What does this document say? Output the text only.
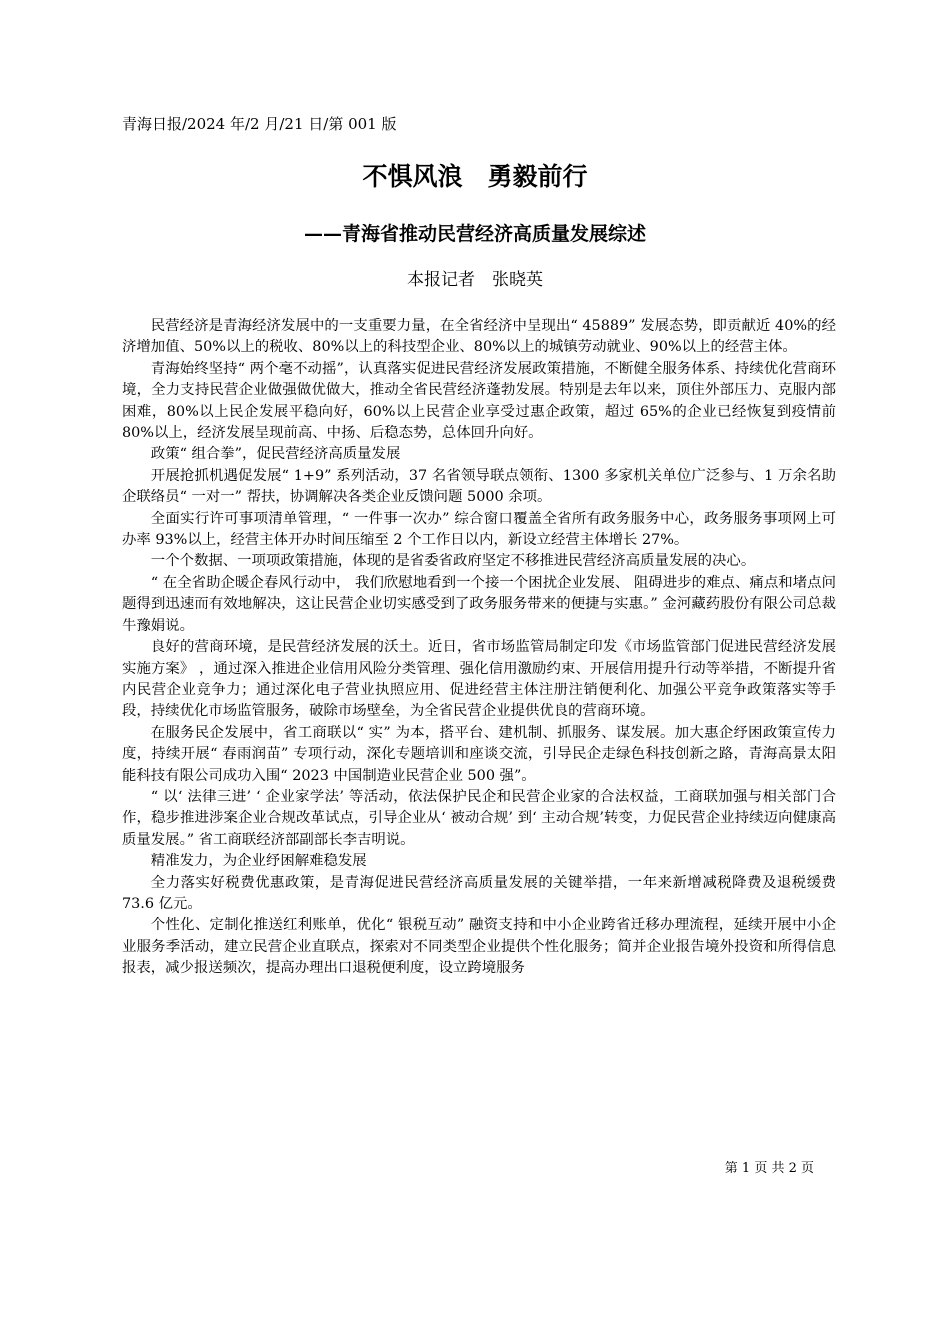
青海日报/2024 年/2 月/21 日/第 001 版
不惧风浪　勇毅前行
——青海省推动民营经济高质量发展综述
本报记者　张晓英

民营经济是青海经济发展中的一支重要力量，在全省经济中呈现出“ 45889” 发展态势，即贡献近 40%的经济增加值、50%以上的税收、80%以上的科技型企业、80%以上的城镇劳动就业、90%以上的经营主体。

青海始终坚持“ 两个毫不动摇”，认真落实促进民营经济发展政策措施，不断健全服务体系、持续优化营商环境，全力支持民营企业做强做优做大，推动全省民营经济蓬勃发展。特别是去年以来，顶住外部压力、克服内部困难，80%以上民企发展平稳向好，60%以上民营企业享受过惠企政策，超过 65%的企业已经恢复到疫情前 80%以上，经济发展呈现前高、中扬、后稳态势，总体回升向好。

政策“ 组合拳”，促民营经济高质量发展

开展抢抓机遇促发展“ 1+9” 系列活动，37 名省领导联点领衔、1300 多家机关单位广泛参与、1 万余名助企联络员“ 一对一” 帮扶，协调解决各类企业反馈问题 5000 余项。

全面实行许可事项清单管理，“ 一件事一次办” 综合窗口覆盖全省所有政务服务中心，政务服务事项网上可办率 93%以上，经营主体开办时间压缩至 2 个工作日以内，新设立经营主体增长 27%。

一个个数据、一项项政策措施，体现的是省委省政府坚定不移推进民营经济高质量发展的决心。

“ 在全省助企暖企春风行动中， 我们欣慰地看到一个接一个困扰企业发展、 阻碍进步的难点、痛点和堵点问题得到迅速而有效地解决，这让民营企业切实感受到了政务服务带来的便捷与实惠。” 金河藏药股份有限公司总裁牛豫娟说。

良好的营商环境，是民营经济发展的沃土。近日，省市场监管局制定印发《市场监管部门促进民营经济发展实施方案》 ，通过深入推进企业信用风险分类管理、强化信用激励约束、开展信用提升行动等举措，不断提升省内民营企业竞争力；通过深化电子营业执照应用、促进经营主体注册注销便利化、加强公平竞争政策落实等手段，持续优化市场监管服务，破除市场壁垒，为全省民营企业提供优良的营商环境。

在服务民企发展中，省工商联以“ 实” 为本，搭平台、建机制、抓服务、谋发展。加大惠企纾困政策宣传力度，持续开展“ 春雨润苗” 专项行动，深化专题培训和座谈交流，引导民企走绿色科技创新之路，青海高景太阳能科技有限公司成功入围“ 2023 中国制造业民营企业 500 强”。

“ 以‘ 法律三进’ ‘ 企业家学法’ 等活动，依法保护民企和民营企业家的合法权益，工商联加强与相关部门合作，稳步推进涉案企业合规改革试点，引导企业从‘ 被动合规’ 到‘ 主动合规’转变，力促民营企业持续迈向健康高质量发展。” 省工商联经济部副部长李吉明说。

精准发力，为企业纾困解难稳发展

全力落实好税费优惠政策，是青海促进民营经济高质量发展的关键举措，一年来新增减税降费及退税缓费 73.6 亿元。

个性化、定制化推送红利账单，优化“ 银税互动” 融资支持和中小企业跨省迁移办理流程，延续开展中小企业服务季活动，建立民营企业直联点，探索对不同类型企业提供个性化服务；简并企业报告境外投资和所得信息报表，减少报送频次，提高办理出口退税便利度，设立跨境服务

第 1 页 共 2 页
